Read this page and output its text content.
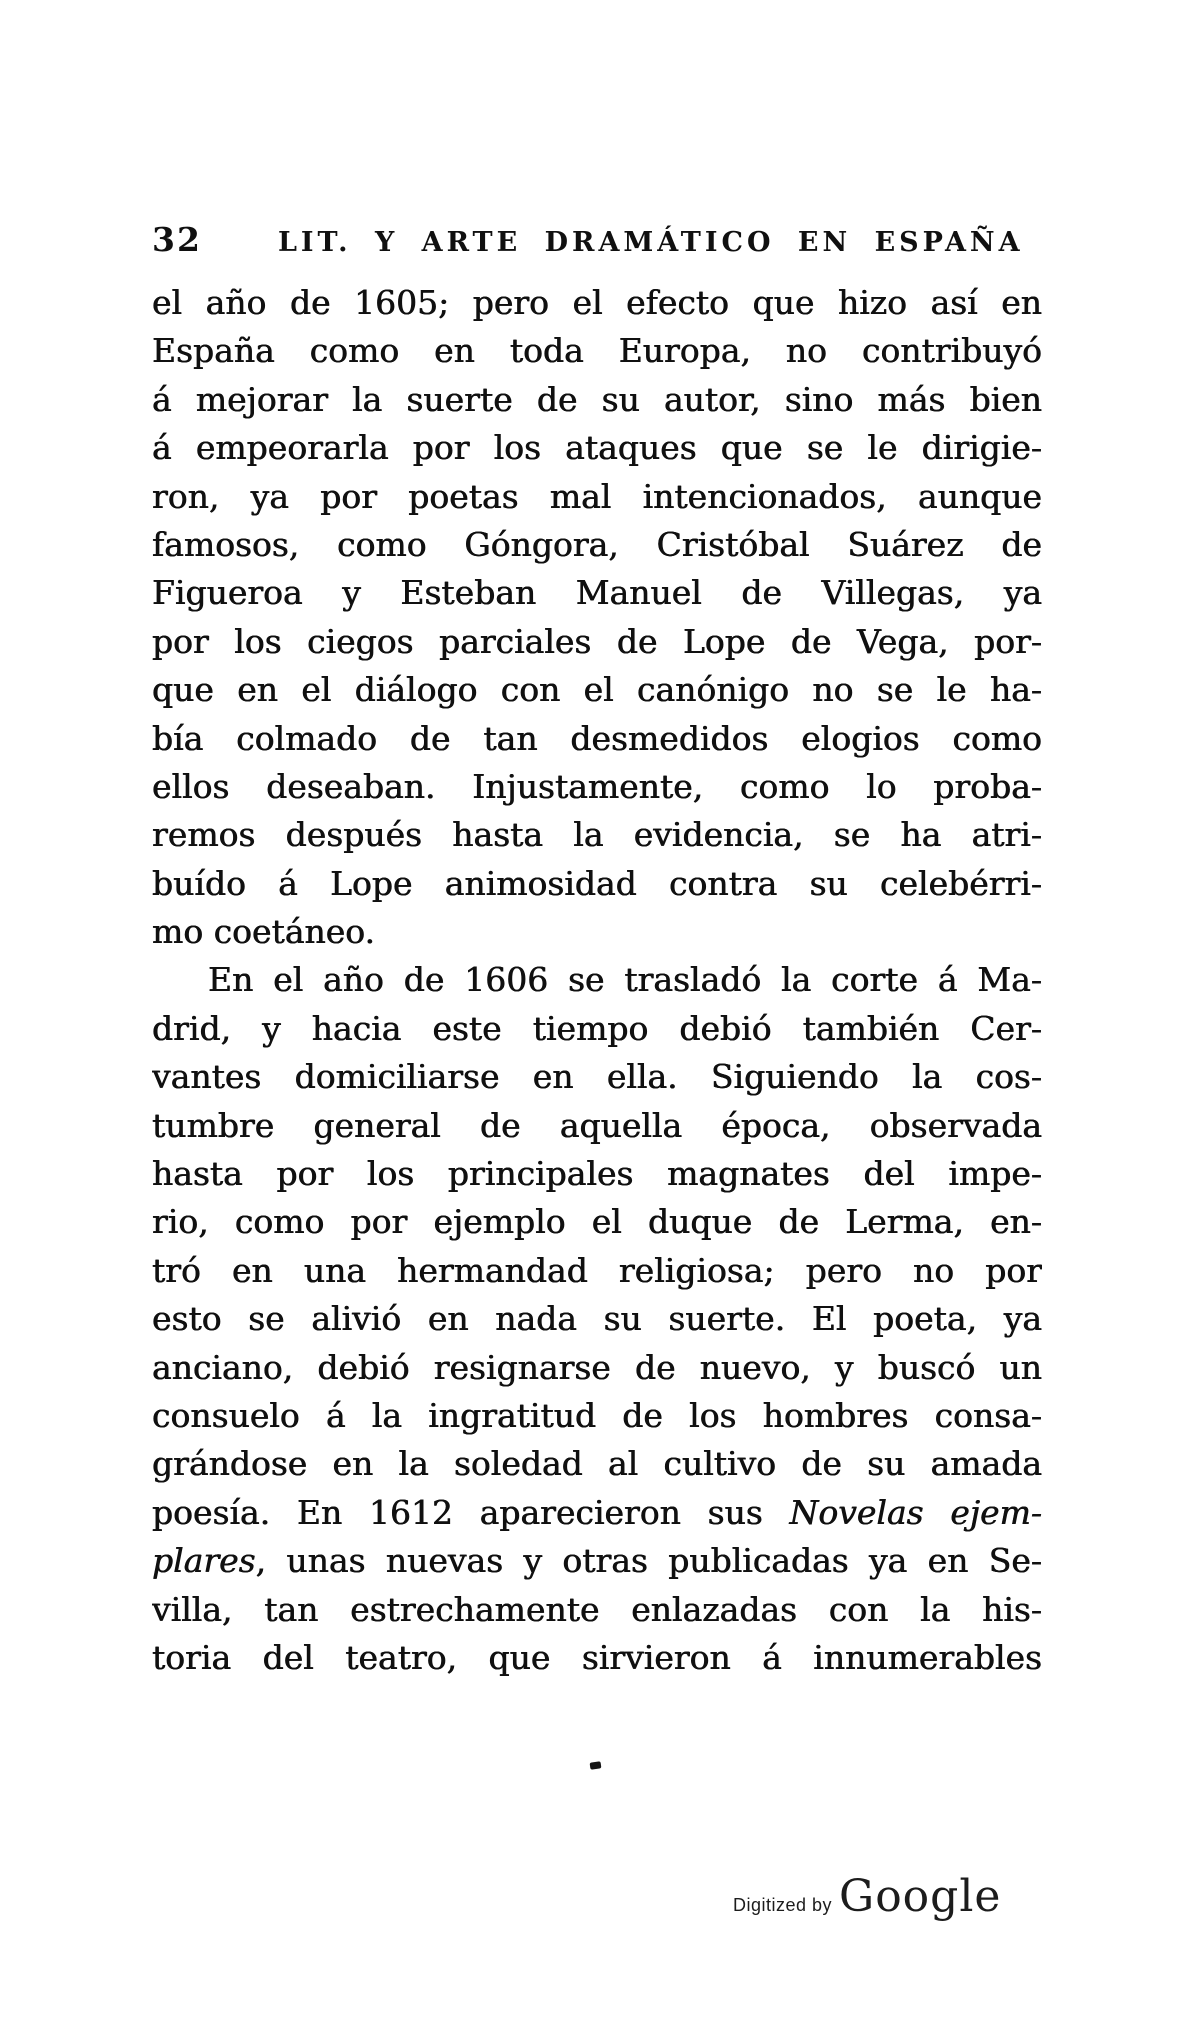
32	LIT. Y ARTE DRAMÁTICO EN ESPAÑA
el año de 1605; pero el efecto que hizo así en
España como en toda Europa, no contribuyó
á mejorar la suerte de su autor, sino más bien
á empeorarla por los ataques que se le dirigie-
ron, ya por poetas mal intencionados, aunque
famosos, como Góngora, Cristóbal Suárez de
Figueroa y Esteban Manuel de Villegas, ya
por los ciegos parciales de Lope de Vega, por-
que en el diálogo con el canónigo no se le ha-
bía colmado de tan desmedidos elogios como
ellos deseaban. Injustamente, como lo proba-
remos después hasta la evidencia, se ha atri-
buído á Lope animosidad contra su celebérri-
mo coetáneo.
En el año de 1606 se trasladó la corte á Ma-
drid, y hacia este tiempo debió también Cer-
vantes domiciliarse en ella. Siguiendo la cos-
tumbre general de aquella época, observada
hasta por los principales magnates del impe-
rio, como por ejemplo el duque de Lerma, en-
tró en una hermandad religiosa; pero no por
esto se alivió en nada su suerte. El poeta, ya
anciano, debió resignarse de nuevo, y buscó un
consuelo á la ingratitud de los hombres consa-
grándose en la soledad al cultivo de su amada
poesía. En 1612 aparecieron sus Novelas ejem-
plares, unas nuevas y otras publicadas ya en Se-
villa, tan estrechamente enlazadas con la his-
toria del teatro, que sirvieron á innumerables
Digitized by Google
